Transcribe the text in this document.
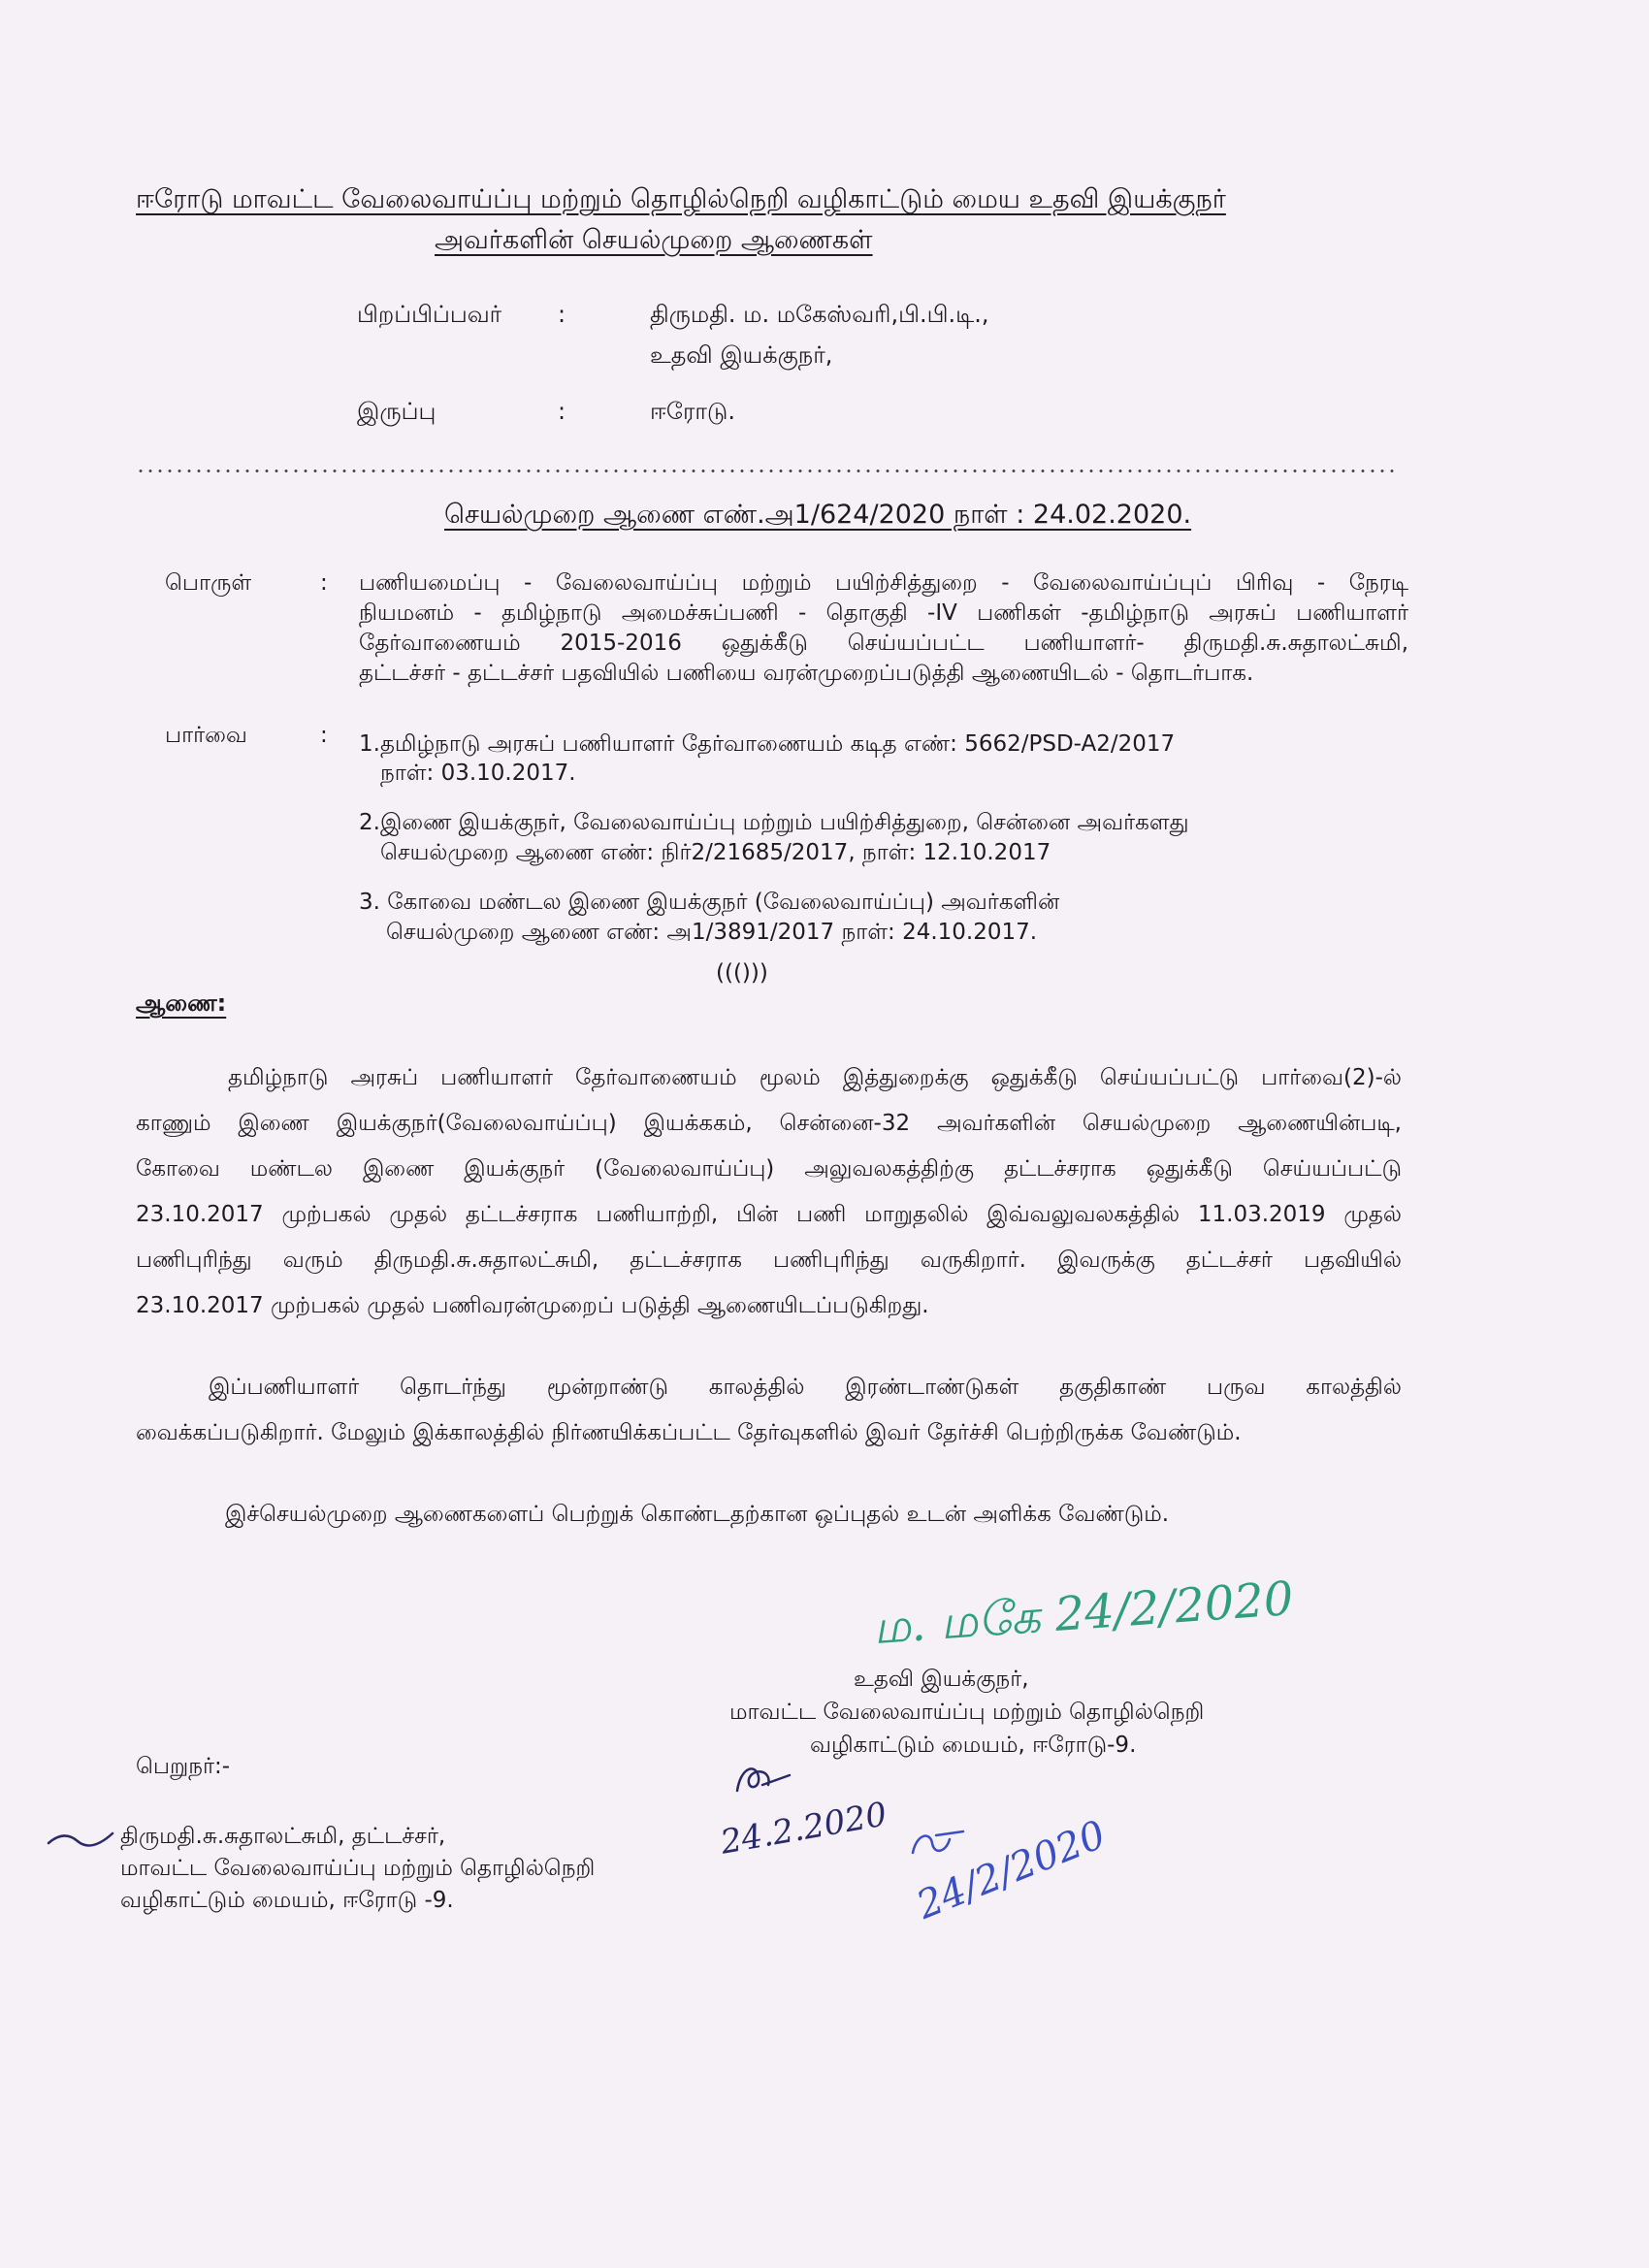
ஈரோடு மாவட்ட வேலைவாய்ப்பு மற்றும் தொழில்நெறி வழிகாட்டும் மைய உதவி இயக்குநர்
அவர்களின் செயல்முறை ஆணைகள்
பிறப்பிப்பவர் :	திருமதி. ம. மகேஸ்வரி,பி.பி.டி.,
உதவி இயக்குநர்,
இருப்பு	:	ஈரோடு.
செயல்முறை ஆணை எண்.அ1/624/2020 நாள் : 24.02.2020.
பொருள்	: பணியமைப்பு - வேலைவாய்ப்பு மற்றும் பயிற்சித்துறை - வேலைவாய்ப்புப் பிரிவு - நேரடி
நியமனம் - தமிழ்நாடு அமைச்சுப்பணி - தொகுதி -IV பணிகள் -தமிழ்நாடு அரசுப் பணியாளர்
தேர்வாணையம் 2015-2016 ஒதுக்கீடு செய்யப்பட்ட பணியாளர்- திருமதி.சு.சுதாலட்சுமி,
தட்டச்சர் - தட்டச்சர் பதவியில் பணியை வரன்முறைப்படுத்தி ஆணையிடல் - தொடர்பாக.
பார்வை	: 1.தமிழ்நாடு அரசுப் பணியாளர் தேர்வாணையம் கடித எண்: 5662/PSD-A2/2017
நாள்: 03.10.2017.
2.இணை இயக்குநர், வேலைவாய்ப்பு மற்றும் பயிற்சித்துறை, சென்னை அவர்களது
செயல்முறை ஆணை எண்: நிர்2/21685/2017, நாள்: 12.10.2017
3. கோவை மண்டல இணை இயக்குநர் (வேலைவாய்ப்பு) அவர்களின்
செயல்முறை ஆணை எண்: அ1/3891/2017 நாள்: 24.10.2017.
((()))
ஆணை:
தமிழ்நாடு அரசுப் பணியாளர் தேர்வாணையம் மூலம் இத்துறைக்கு ஒதுக்கீடு செய்யப்பட்டு பார்வை(2)-ல்
காணும் இணை இயக்குநர்(வேலைவாய்ப்பு) இயக்ககம், சென்னை-32 அவர்களின் செயல்முறை ஆணையின்படி,
கோவை மண்டல இணை இயக்குநர் (வேலைவாய்ப்பு) அலுவலகத்திற்கு தட்டச்சராக ஒதுக்கீடு செய்யப்பட்டு
23.10.2017 முற்பகல் முதல் தட்டச்சராக பணியாற்றி, பின் பணி மாறுதலில் இவ்வலுவலகத்தில் 11.03.2019 முதல்
பணிபுரிந்து வரும் திருமதி.சு.சுதாலட்சுமி, தட்டச்சராக பணிபுரிந்து வருகிறார். இவருக்கு தட்டச்சர் பதவியில்
23.10.2017 முற்பகல் முதல் பணிவரன்முறைப் படுத்தி ஆணையிடப்படுகிறது.
இப்பணியாளர் தொடர்ந்து மூன்றாண்டு காலத்தில் இரண்டாண்டுகள் தகுதிகாண் பருவ காலத்தில்
வைக்கப்படுகிறார். மேலும் இக்காலத்தில் நிர்ணயிக்கப்பட்ட தேர்வுகளில் இவர் தேர்ச்சி பெற்றிருக்க வேண்டும்.
இச்செயல்முறை ஆணைகளைப் பெற்றுக் கொண்டதற்கான ஒப்புதல் உடன் அளிக்க வேண்டும்.
ம. மகே 24/2/2020
உதவி இயக்குநர்,
மாவட்ட வேலைவாய்ப்பு மற்றும் தொழில்நெறி
வழிகாட்டும் மையம், ஈரோடு-9.
பெறுநர்:-
திருமதி.சு.சுதாலட்சுமி, தட்டச்சர்,
மாவட்ட வேலைவாய்ப்பு மற்றும் தொழில்நெறி
வழிகாட்டும் மையம், ஈரோடு -9.
24.2.2020 24/2/2020
